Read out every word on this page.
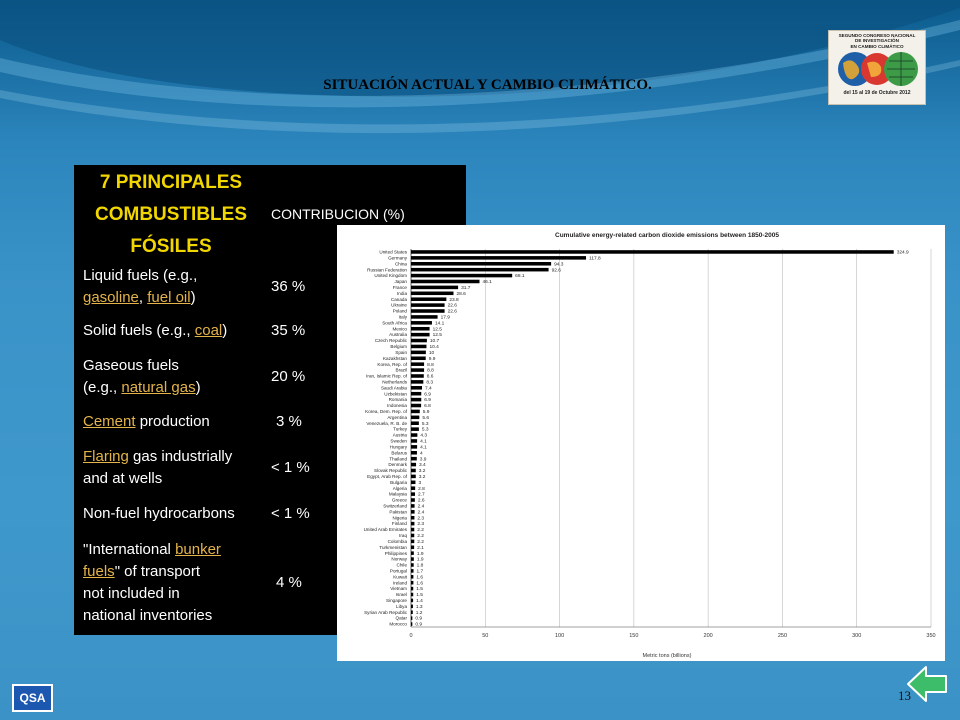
SITUACIÓN ACTUAL Y CAMBIO CLIMÁTICO.
SEGUNDO CONGRESO NACIONAL
DE INVESTIGACIÓN
EN CAMBIO CLIMÁTICO
del 15 al 19 de Octubre 2012
7 PRINCIPALES COMBUSTIBLES FÓSILES	CONTRIBUCION (%)
Liquid fuels (e.g.,
gasoline, fuel oil)	36 %
Solid fuels (e.g., coal)	35 %
Gaseous fuels
(e.g., natural gas)	20 %
Cement production	3 %
Flaring gas industrially
and at wells	< 1 %
Non-fuel hydrocarbons	< 1 %
"International bunker
fuels" of transport
not included in
national inventories	4 %
Cumulative energy-related carbon dioxide emissions between 1850-2005
Metric tons (billions)
0	50	100	150	200	250	300	350
United States	324.9
Germany	117.8
China	94.3
Russian Federation	92.6
United Kingdom	68.1
Japan	46.1
France	31.7
India	28.6
Canada	23.8
Ukraine	22.6
Poland	22.6
Italy	17.9
South Africa	14.1
Mexico	12.5
Australia	12.5
Czech Republic	10.7
Belgium	10.4
Spain	10
Kazakhstan	9.9
Korea, Rep. of	8.8
Brazil	8.8
Iran, Islamic Rep. of	8.6
Netherlands	8.3
Saudi Arabia	7.4
Uzbekistan	6.9
Romania	6.9
Indonesia	6.8
Korea, Dem. Rep. of	5.9
Argentina	5.6
Venezuela, R. B. de	5.3
Turkey	5.3
Austria	4.3
Sweden	4.1
Hungary	4.1
Belarus	4
Thailand	3.9
Denmark	3.4
Slovak Republic 3.2
Egypt, Arab Rep. of 3.2
Bulgaria 3
Algeria 2.8
Malaysia 2.7
Greece 2.6
Switzerland 2.4
Pakistan 2.4
Nigeria 2.3
Finland 2.3
United Arab Emirates 2.2
Iraq 2.2
Colombia 2.2
Turkmenistan 2.1
Philippines 1.9
Norway 1.9
Chile 1.8
Portugal 1.7
Kuwait 1.6
Ireland 1.6
Vietnam 1.5
Israel 1.5
Singapore 1.4
Libya 1.3
Syrian Arab Republic 1.2
Qatar 0.9
Morocco 0.9
QSA	13
